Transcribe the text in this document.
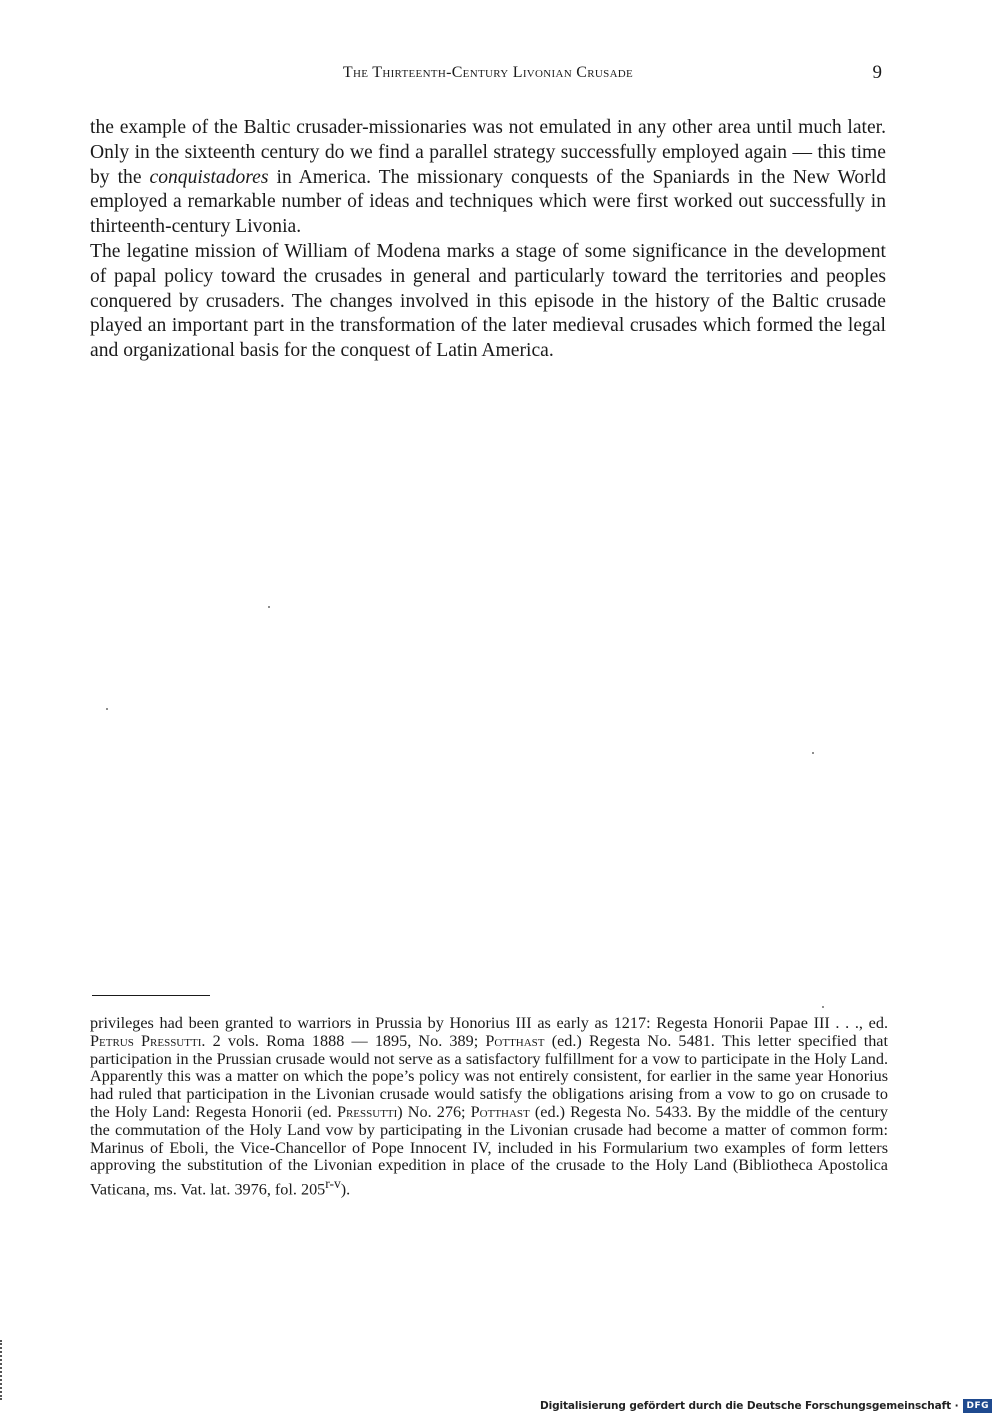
The Thirteenth-Century Livonian Crusade	9

the example of the Baltic crusader-missionaries was not emulated in any other area until much later. Only in the sixteenth century do we find a parallel strategy successfully employed again — this time by the conquistadores in America. The missionary conquests of the Spaniards in the New World employed a remarkable number of ideas and techniques which were first worked out successfully in thirteenth-century Livonia.

The legatine mission of William of Modena marks a stage of some significance in the development of papal policy toward the crusades in general and particularly toward the territories and peoples conquered by crusaders. The changes involved in this episode in the history of the Baltic crusade played an important part in the transformation of the later medieval crusades which formed the legal and organizational basis for the conquest of Latin America.

privileges had been granted to warriors in Prussia by Honorius III as early as 1217: Regesta Honorii Papae III . . ., ed. Petrus Pressutti. 2 vols. Roma 1888 — 1895, No. 389; Potthast (ed.) Regesta No. 5481. This letter specified that participation in the Prussian crusade would not serve as a satisfactory fulfillment for a vow to participate in the Holy Land. Apparently this was a matter on which the pope’s policy was not entirely consistent, for earlier in the same year Honorius had ruled that participation in the Livonian crusade would satisfy the obligations arising from a vow to go on crusade to the Holy Land: Regesta Honorii (ed. Pressutti) No. 276; Potthast (ed.) Regesta No. 5433. By the middle of the century the commutation of the Holy Land vow by participating in the Livonian crusade had become a matter of common form: Marinus of Eboli, the Vice-Chancellor of Pope Innocent IV, included in his Formularium two examples of form letters approving the substitution of the Livonian expedition in place of the crusade to the Holy Land (Bibliotheca Apostolica Vaticana, ms. Vat. lat. 3976, fol. 205$^{r-v}$).

Digitalisierung gefördert durch die Deutsche Forschungsgemeinschaft · DFG
